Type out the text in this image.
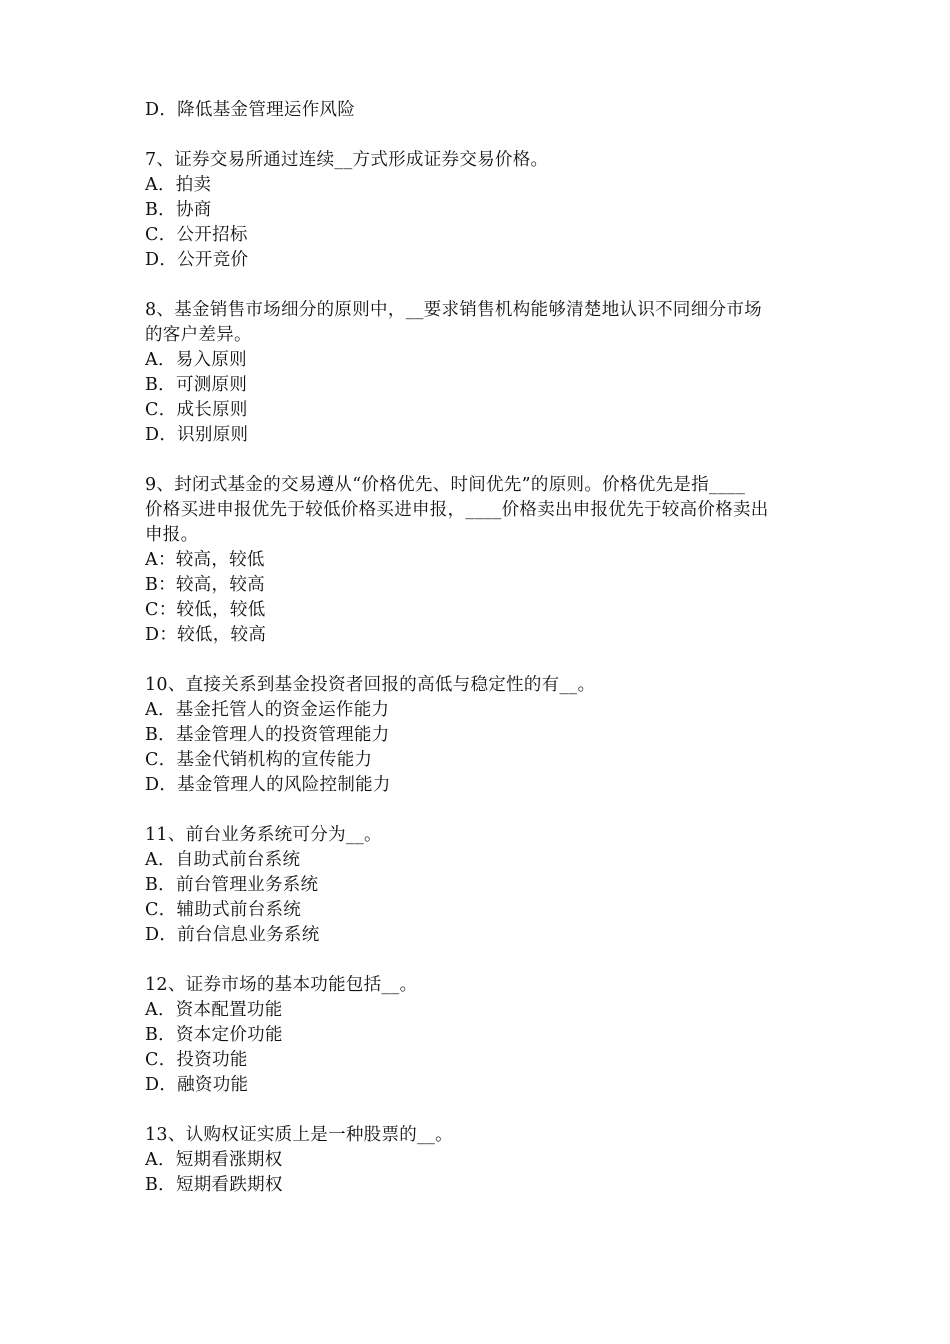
D．降低基金管理运作风险
7、证券交易所通过连续__方式形成证券交易价格。
A．拍卖
B．协商
C．公开招标
D．公开竞价
8、基金销售市场细分的原则中，__要求销售机构能够清楚地认识不同细分市场
的客户差异。
A．易入原则
B．可测原则
C．成长原则
D．识别原则
9、封闭式基金的交易遵从“价格优先、时间优先”的原则。价格优先是指____
价格买进申报优先于较低价格买进申报，____价格卖出申报优先于较高价格卖出
申报。
A：较高，较低
B：较高，较高
C：较低，较低
D：较低，较高
10、直接关系到基金投资者回报的高低与稳定性的有__。
A．基金托管人的资金运作能力
B．基金管理人的投资管理能力
C．基金代销机构的宣传能力
D．基金管理人的风险控制能力
11、前台业务系统可分为__。
A．自助式前台系统
B．前台管理业务系统
C．辅助式前台系统
D．前台信息业务系统
12、证券市场的基本功能包括__。
A．资本配置功能
B．资本定价功能
C．投资功能
D．融资功能
13、认购权证实质上是一种股票的__。
A．短期看涨期权
B．短期看跌期权
